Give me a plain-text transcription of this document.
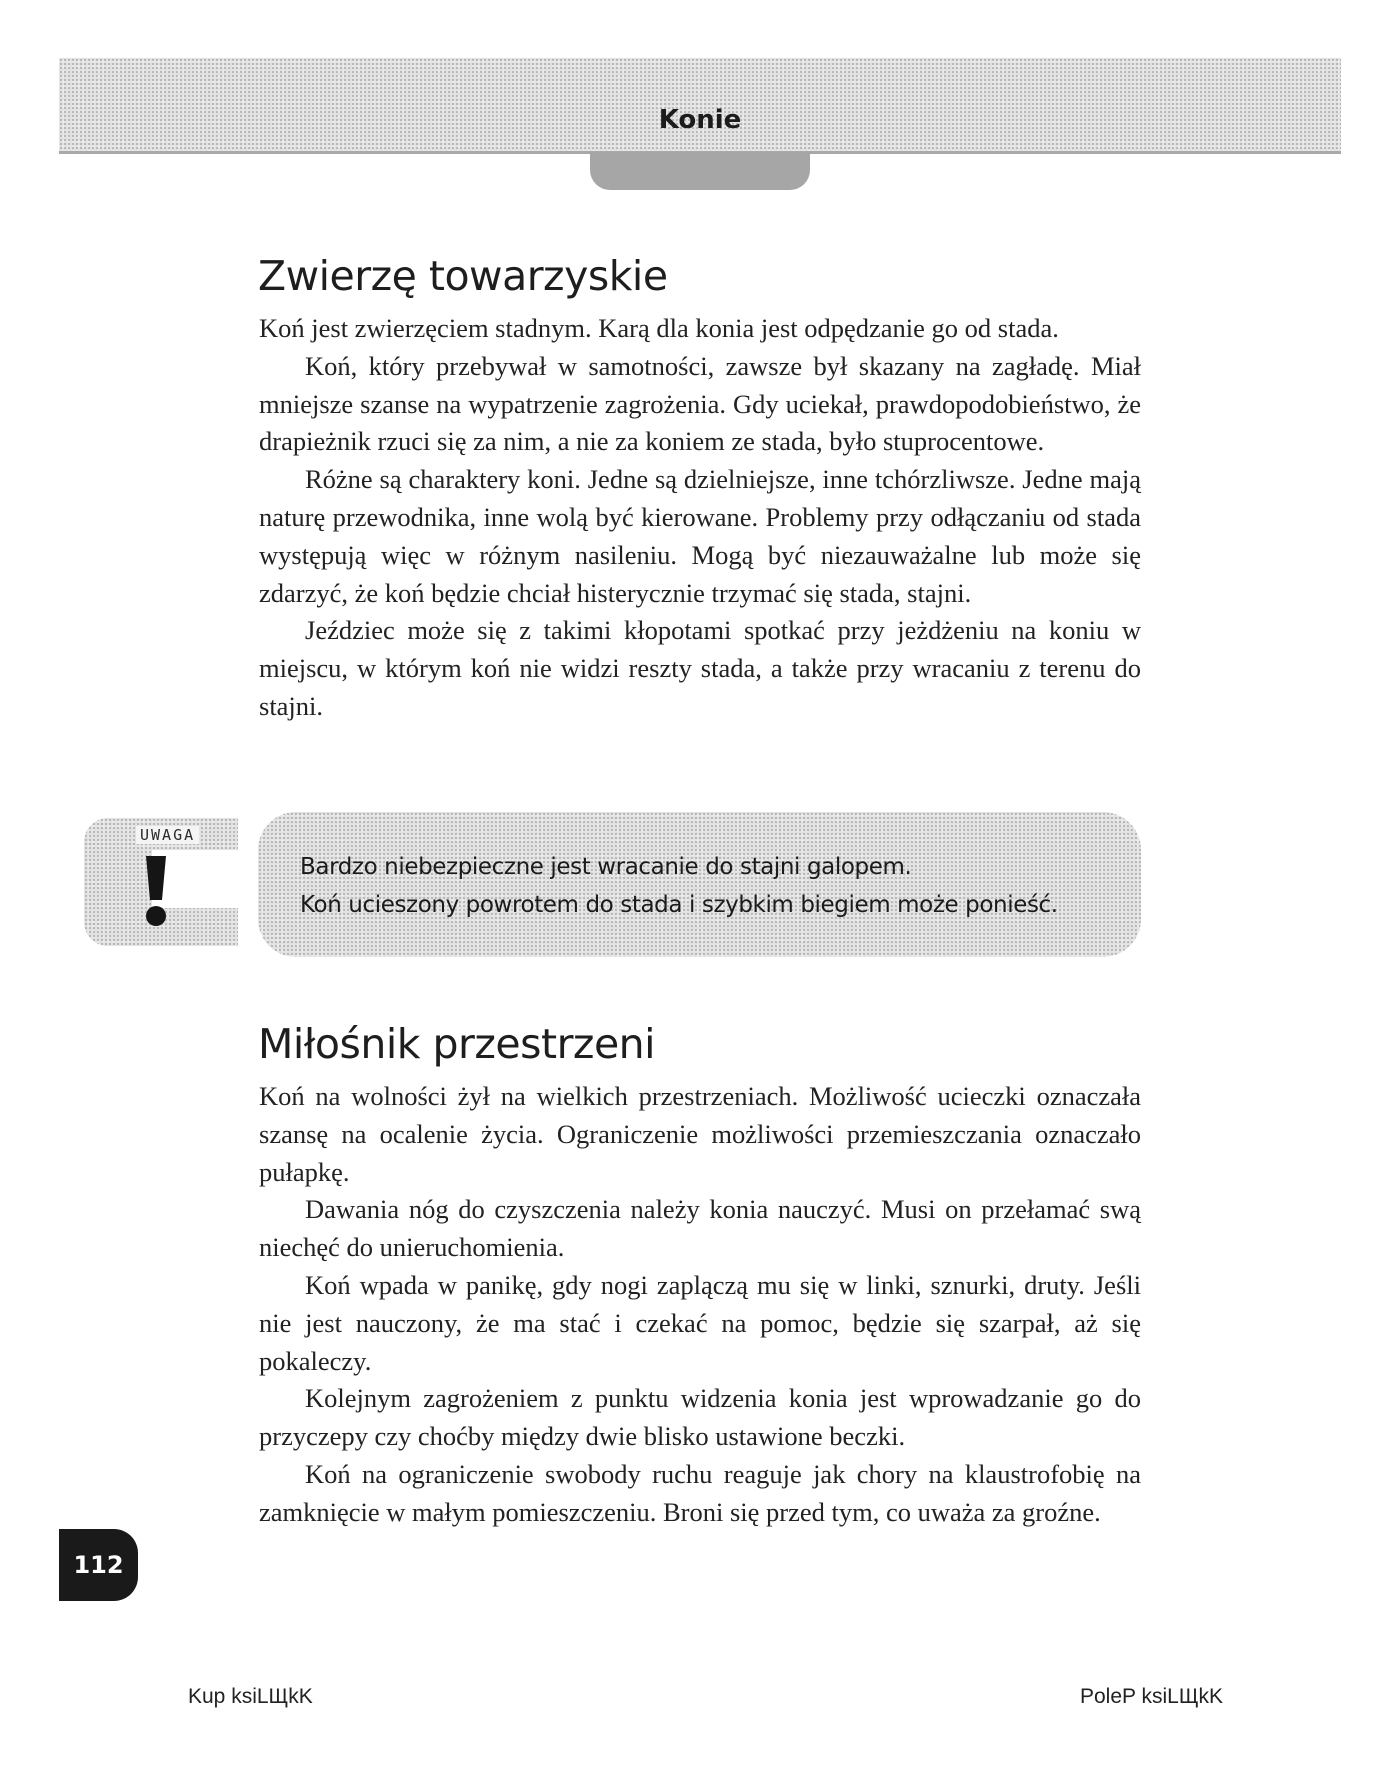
Konie
Zwierzę towarzyskie

Koń jest zwierzęciem stadnym. Karą dla konia jest odpędzanie go od stada.

Koń, który przebywał w samotności, zawsze był skazany na zagładę. Miał mniejsze szanse na wypatrzenie zagrożenia. Gdy uciekał, prawdopodobieństwo, że drapieżnik rzuci się za nim, a nie za koniem ze stada, było stuprocentowe.

Różne są charaktery koni. Jedne są dzielniejsze, inne tchórzliwsze. Jedne mają naturę przewodnika, inne wolą być kierowane. Problemy przy odłączaniu od stada występują więc w różnym nasileniu. Mogą być niezauważalne lub może się zdarzyć, że koń będzie chciał histerycznie trzymać się stada, stajni.

Jeździec może się z takimi kłopotami spotkać przy jeżdżeniu na koniu w miejscu, w którym koń nie widzi reszty stada, a także przy wracaniu z terenu do stajni.

UWAGA
Bardzo niebezpieczne jest wracanie do stajni galopem.
Koń ucieszony powrotem do stada i szybkim biegiem może ponieść.
Miłośnik przestrzeni

Koń na wolności żył na wielkich przestrzeniach. Możliwość ucieczki oznaczała szansę na ocalenie życia. Ograniczenie możliwości przemieszczania oznaczało pułapkę.

Dawania nóg do czyszczenia należy konia nauczyć. Musi on przełamać swą niechęć do unieruchomienia.

Koń wpada w panikę, gdy nogi zaplączą mu się w linki, sznurki, druty. Jeśli nie jest nauczony, że ma stać i czekać na pomoc, będzie się szarpał, aż się pokaleczy.

Kolejnym zagrożeniem z punktu widzenia konia jest wprowadzanie go do przyczepy czy choćby między dwie blisko ustawione beczki.

Koń na ograniczenie swobody ruchu reaguje jak chory na klaustrofobię na zamknięcie w małym pomieszczeniu. Broni się przed tym, co uważa za groźne.

112
Kup ksiLЩkK	PoleP ksiLЩkK
